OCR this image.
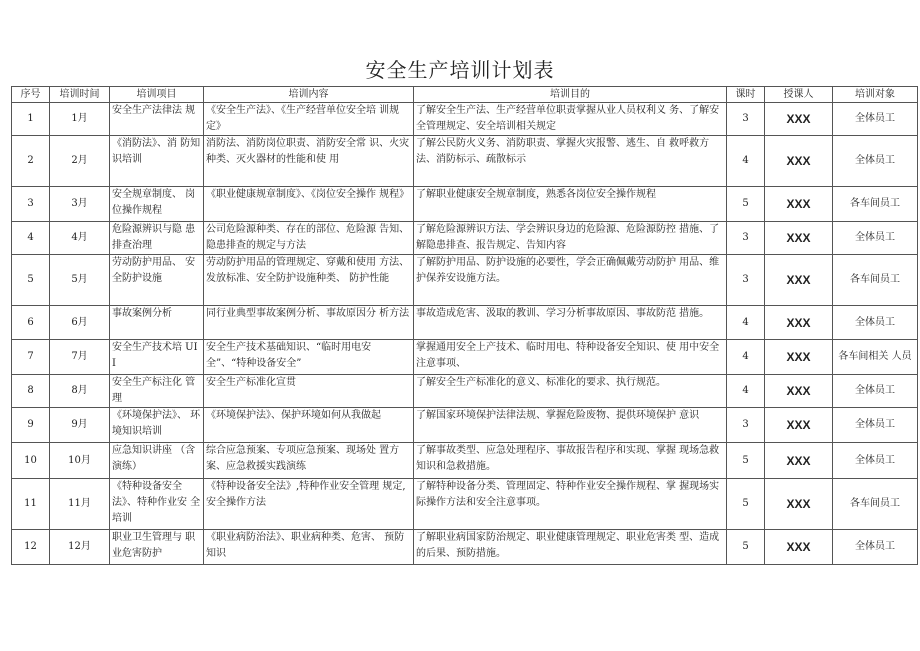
安全生产培训计划表
序号	培训时间	培训项目	培训内容	培训目的	课时	授课人	培训对象
1	1月	安全生产法律法 规	《安全生产法》、《生产经营单位安全培 训规定》	了解安全生产法、生产经营单位职责掌握从业人员权利义 务、了解安全管理规定、安全培训相关规定	3	XXX	全体员工
2	2月	《消防法》、消 防知识培训	消防法、消防岗位职责、消防安全常 识、火灾种类、灭火器材的性能和使 用	了解公民防火义务、消防职责、掌握火灾报警、逃生、自 救呼救方法、消防标示、疏散标示	4	XXX	全体员工
3	3月	安全规章制度、 岗位操作规程	《职业健康规章制度》、《岗位安全操作 规程》	了解职业健康安全规章制度，熟悉各岗位安全操作规程	5	XXX	各车间员工
4	4月	危险源辨识与隐 患排查治理	公司危险源种类、存在的部位、危险源 告知、隐患排查的规定与方法	了解危险源辨识方法、学会辨识身边的危险源、危险源防控 措施、了解隐患排查、报告规定、告知内容	3	XXX	全体员工
5	5月	劳动防护用品、 安全防护设施	劳动防护用品的管理规定、穿戴和使用 方法、发放标准、安全防护设施种类、 防护性能	了解防护用品、防护设施的必要性，学会正确佩戴劳动防护 用品、维护保养安设施方法。	3	XXX	各车间员工
6	6月	事故案例分析	同行业典型事故案例分析、事故原因分 析方法	事故造成危害、汲取的教训、学习分析事故原因、事故防范 措施。	4	XXX	全体员工
7	7月	安全生产技术培 UII	安全生产技术基础知识、“临时用电安 全”、“特种设备安全”	掌握通用安全上产技术、临时用电、特种设备安全知识、使 用中安全注意事项、	4	XXX	各车间相关 人员
8	8月	安全生产标注化 管理	安全生产标准化宣贯	了解安全生产标准化的意义、标准化的要求、执行规范。	4	XXX	全体员工
9	9月	《环境保护法》、 环境知识培训	《环境保护法》、保护环境如何从我做起	了解国家环境保护法律法规、掌握危险废物、提供环境保护 意识	3	XXX	全体员工
10	10月	应急知识讲座 （含演练）	综合应急预案、专项应急预案、现场处 置方案、应急救援实践演练	了解事故类型、应急处理程序、事故报告程序和实现、掌握 现场急救知识和急救措施。	5	XXX	全体员工
11	11月	《特种设备安全法》、特种作业安 全培训	《特种设备安全法》,特种作业安全管理 规定,安全操作方法	了解特种设备分类、管理固定、特种作业安全操作规程、掌 握现场实际操作方法和安全注意事项。	5	XXX	各车间员工
12	12月	职业卫生管理与 职业危害防护	《职业病防治法》、职业病种类、危害、 预防知识	了解职业病国家防治规定、职业健康管理规定、职业危害类 型、造成的后果、预防措施。	5	XXX	全体员工
